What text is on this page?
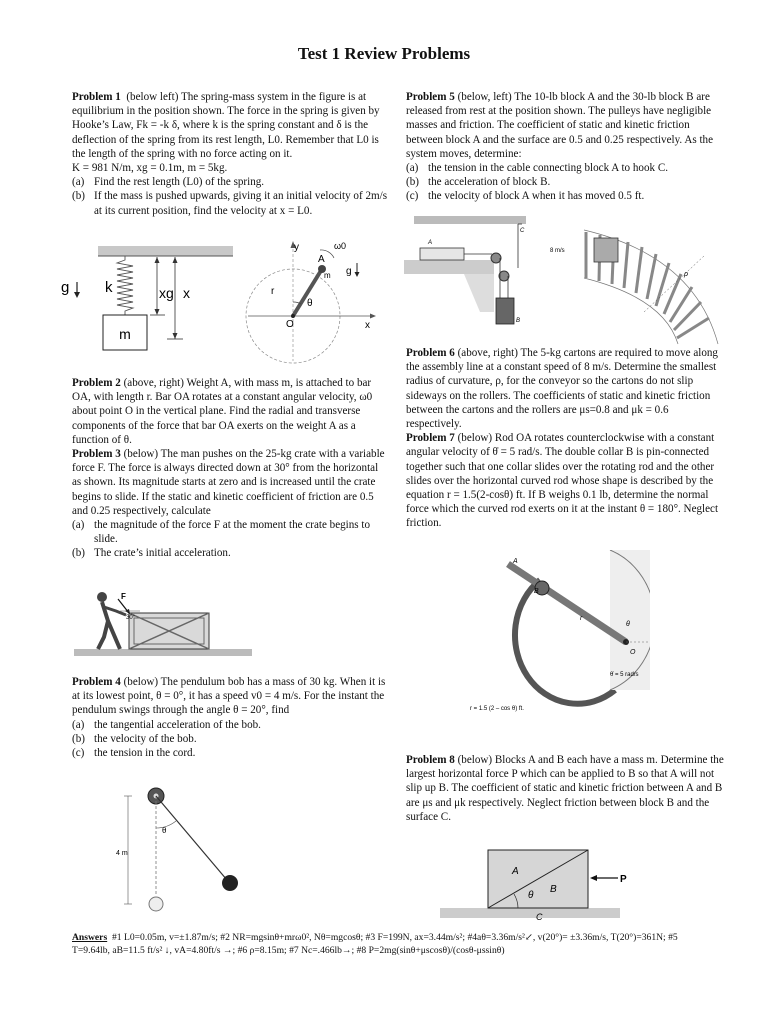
Test 1 Review Problems

Problem 1 (below left) The spring-mass system in the figure is at equilibrium in the position shown. The force in the spring is given by Hooke’s Law, Fk = -k δ, where k is the spring constant and δ is the deflection of the spring from its rest length, L0. Remember that L0 is the length of the spring with no force acting on it.

K = 981 N/m, xg = 0.1m, m = 5kg.

(a) Find the rest length (L0) of the spring.
(b) If the mass is pushed upwards, giving it an initial velocity of 2m/s at its current position, find the velocity at x = L0.
m
g k	xg x
y
x
A
m g
r
θ
O
ω0

Problem 2 (above, right) Weight A, with mass m, is attached to bar OA, with length r. Bar OA rotates at a constant angular velocity, ω0 about point O in the vertical plane. Find the radial and transverse components of the force that bar OA exerts on the weight A as a function of θ.

Problem 3 (below) The man pushes on the 25-kg crate with a variable force F. The force is always directed down at 30° from the horizontal as shown. Its magnitude starts at zero and is increased until the crate begins to slide. If the static and kinetic coefficient of friction are 0.5 and 0.25 respectively, calculate

(a) the magnitude of the force F at the moment the crate begins to slide.
(b) The crate’s initial acceleration.
F
30°

Problem 4 (below) The pendulum bob has a mass of 30 kg. When it is at its lowest point, θ = 0°, it has a speed v0 = 4 m/s. For the instant the pendulum swings through the angle θ = 20°, find

(a) the tangential acceleration of the bob.
(b) the velocity of the bob.
(c) the tension in the cord.
4 m
θ

Problem 5 (below, left) The 10-lb block A and the 30-lb block B are released from rest at the position shown. The pulleys have negligible masses and friction. The coefficient of static and kinetic friction between block A and the surface are 0.5 and 0.25 respectively. As the system moves, determine:

(a) the tension in the cable connecting block A to hook C.
(b) the acceleration of block B.
(c) the velocity of block A when it has moved 0.5 ft.
A
C
B
8 m/s
ρ

Problem 6 (above, right) The 5-kg cartons are required to move along the assembly line at a constant speed of 8 m/s. Determine the smallest radius of curvature, ρ, for the conveyor so the cartons do not slip sideways on the rollers. The coefficients of static and kinetic friction between the cartons and the rollers are μs=0.8 and μk = 0.6 respectively.

Problem 7 (below) Rod OA rotates counterclockwise with a constant angular velocity of θ̇ = 5 rad/s. The double collar B is pin-connected together such that one collar slides over the rotating rod and the other slides over the horizontal curved rod whose shape is described by the equation r = 1.5(2-cosθ) ft. If B weighs 0.1 lb, determine the normal force which the curved rod exerts on it at the instant θ = 180°. Neglect friction.

A
B
O
r
θ
θ̇ = 5 rad/s
r = 1.5 (2 – cos θ) ft.

Problem 8 (below) Blocks A and B each have a mass m. Determine the largest horizontal force P which can be applied to B so that A will not slip up B. The coefficient of static and kinetic friction between A and B are μs and μk respectively. Neglect friction between block B and the surface C.

A
B
C
θ
P
Answers #1 L0=0.05m, v=±1.87m/s; #2 NR=mgsinθ+mrω0², Nθ=mgcosθ; #3 F=199N, ax=3.44m/s²; #4aθ=3.36m/s²↙, v(20°)= ±3.36m/s, T(20°)=361N; #5 T=9.64lb, aB=11.5 ft/s² ↓, vA=4.80ft/s →; #6 ρ=8.15m; #7 Nc=.466lb→; #8 P=2mg(sinθ+μscosθ)/(cosθ-μssinθ)
